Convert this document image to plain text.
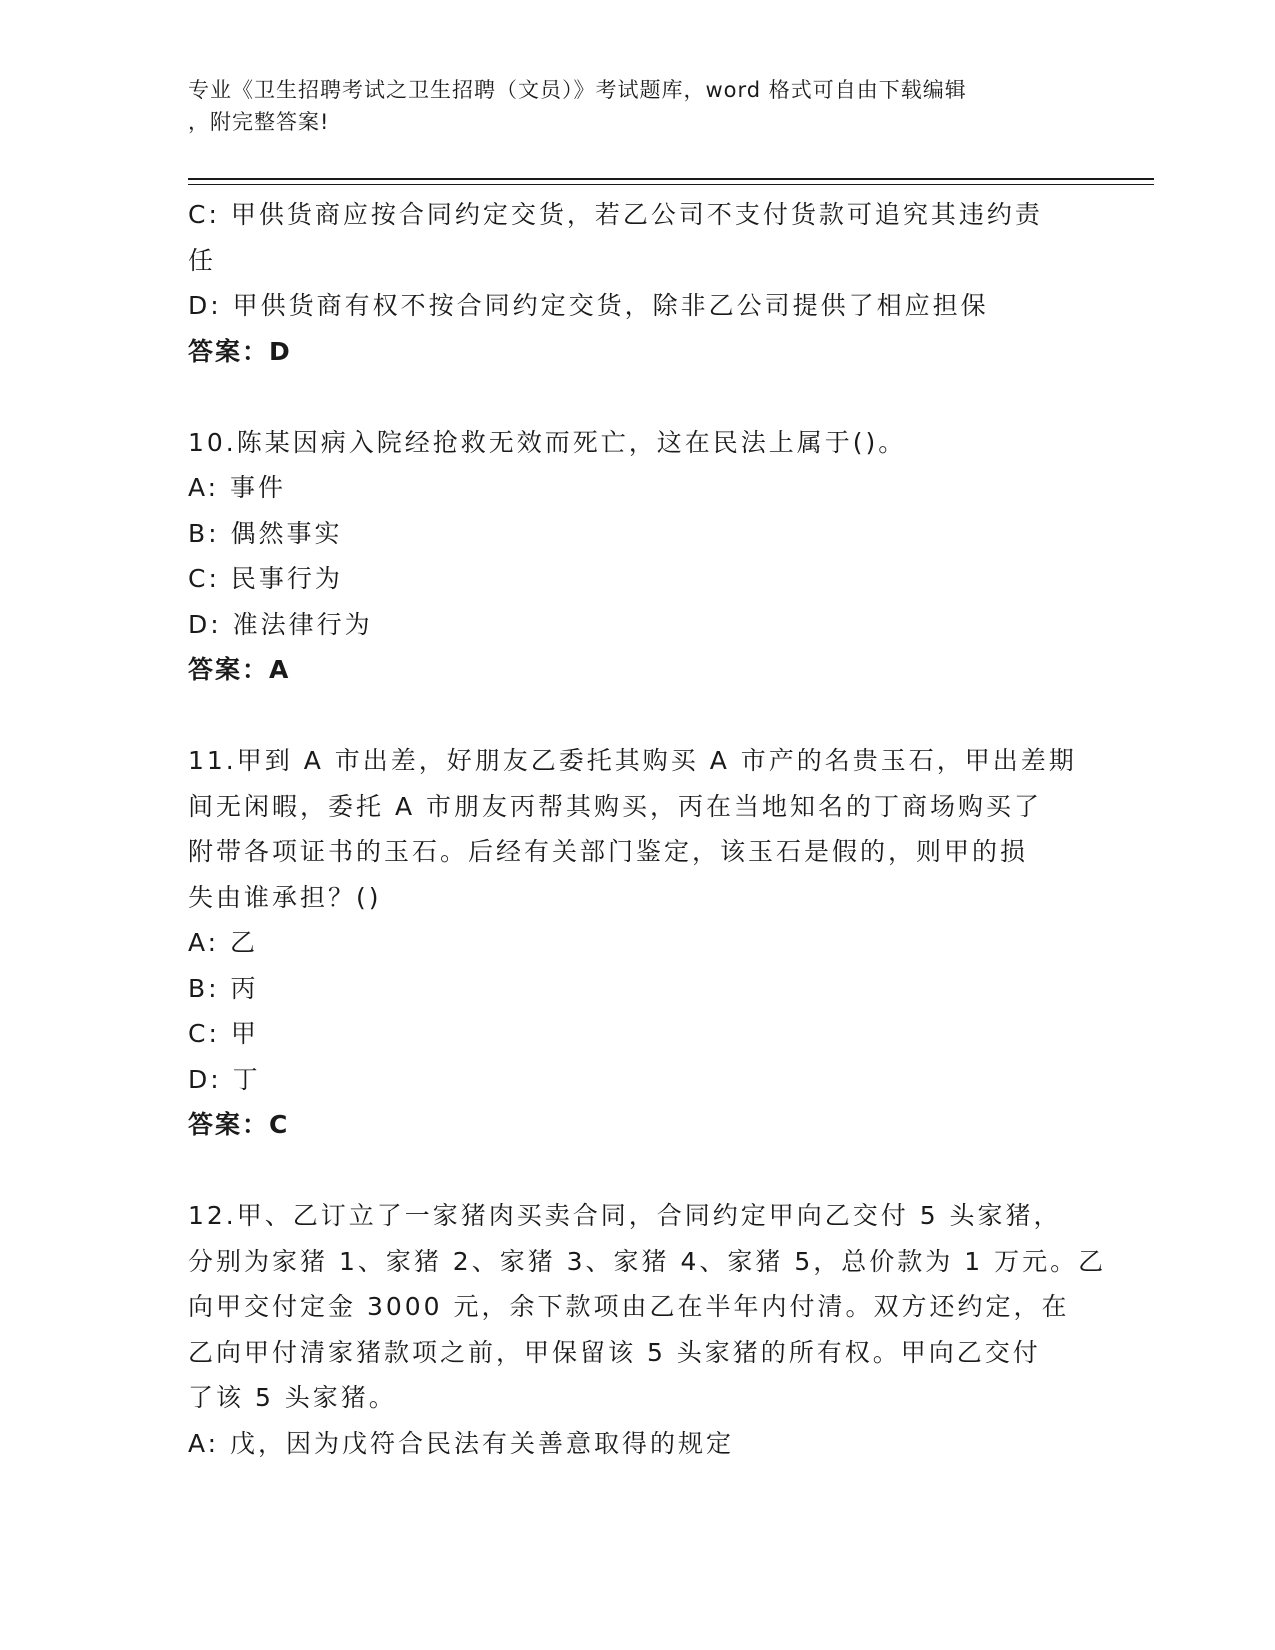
专业《卫生招聘考试之卫生招聘（文员）》考试题库，word 格式可自由下载编辑
，附完整答案!
C: 甲供货商应按合同约定交货，若乙公司不支付货款可追究其违约责
任
D: 甲供货商有权不按合同约定交货，除非乙公司提供了相应担保
答案：D
10.陈某因病入院经抢救无效而死亡，这在民法上属于()。
A: 事件
B: 偶然事实
C: 民事行为
D: 准法律行为
答案：A
11.甲到 A 市出差，好朋友乙委托其购买 A 市产的名贵玉石，甲出差期
间无闲暇，委托 A 市朋友丙帮其购买，丙在当地知名的丁商场购买了
附带各项证书的玉石。后经有关部门鉴定，该玉石是假的，则甲的损
失由谁承担？()
A: 乙
B: 丙
C: 甲
D: 丁
答案：C
12.甲、乙订立了一家猪肉买卖合同，合同约定甲向乙交付 5 头家猪，
分别为家猪 1、家猪 2、家猪 3、家猪 4、家猪 5，总价款为 1 万元。乙
向甲交付定金 3000 元，余下款项由乙在半年内付清。双方还约定，在
乙向甲付清家猪款项之前，甲保留该 5 头家猪的所有权。甲向乙交付
了该 5 头家猪。
A: 戊，因为戊符合民法有关善意取得的规定
